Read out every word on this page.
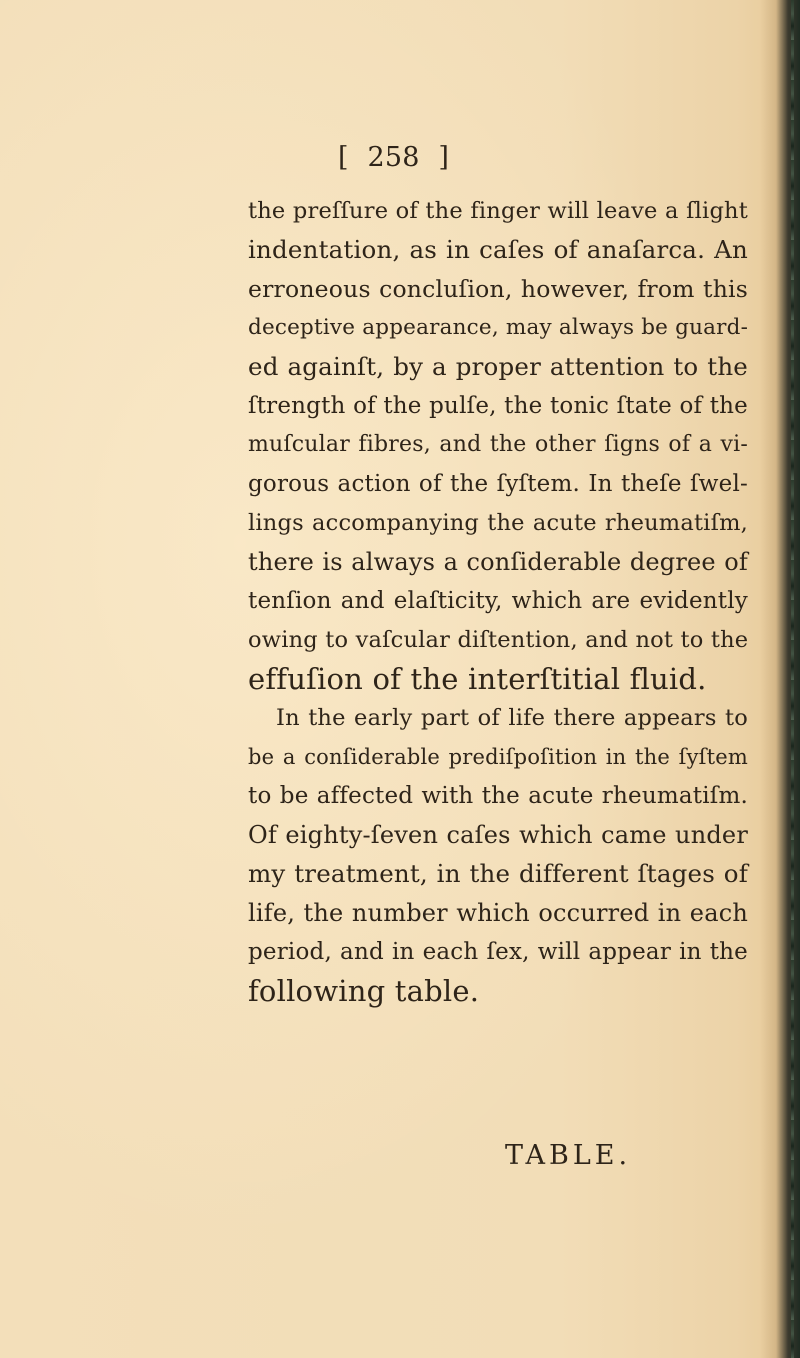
[ 258 ]
the preſſure of the finger will leave a ſlight
indentation, as in caſes of anaſarca. An
erroneous concluſion, however, from this
deceptive appearance, may always be guard-
ed againſt, by a proper attention to the
ſtrength of the pulſe, the tonic ſtate of the
muſcular fibres, and the other ſigns of a vi-
gorous action of the ſyſtem. In theſe ſwel-
lings accompanying the acute rheumatiſm,
there is always a conſiderable degree of
tenſion and elaſticity, which are evidently
owing to vaſcular diſtention, and not to the
effuſion of the interſtitial fluid.
In the early part of life there appears to
be a conſiderable prediſpoſition in the ſyſtem
to be affected with the acute rheumatiſm.
Of eighty-ſeven caſes which came under
my treatment, in the different ſtages of
life, the number which occurred in each
period, and in each ſex, will appear in the
following table.
TABLE.
